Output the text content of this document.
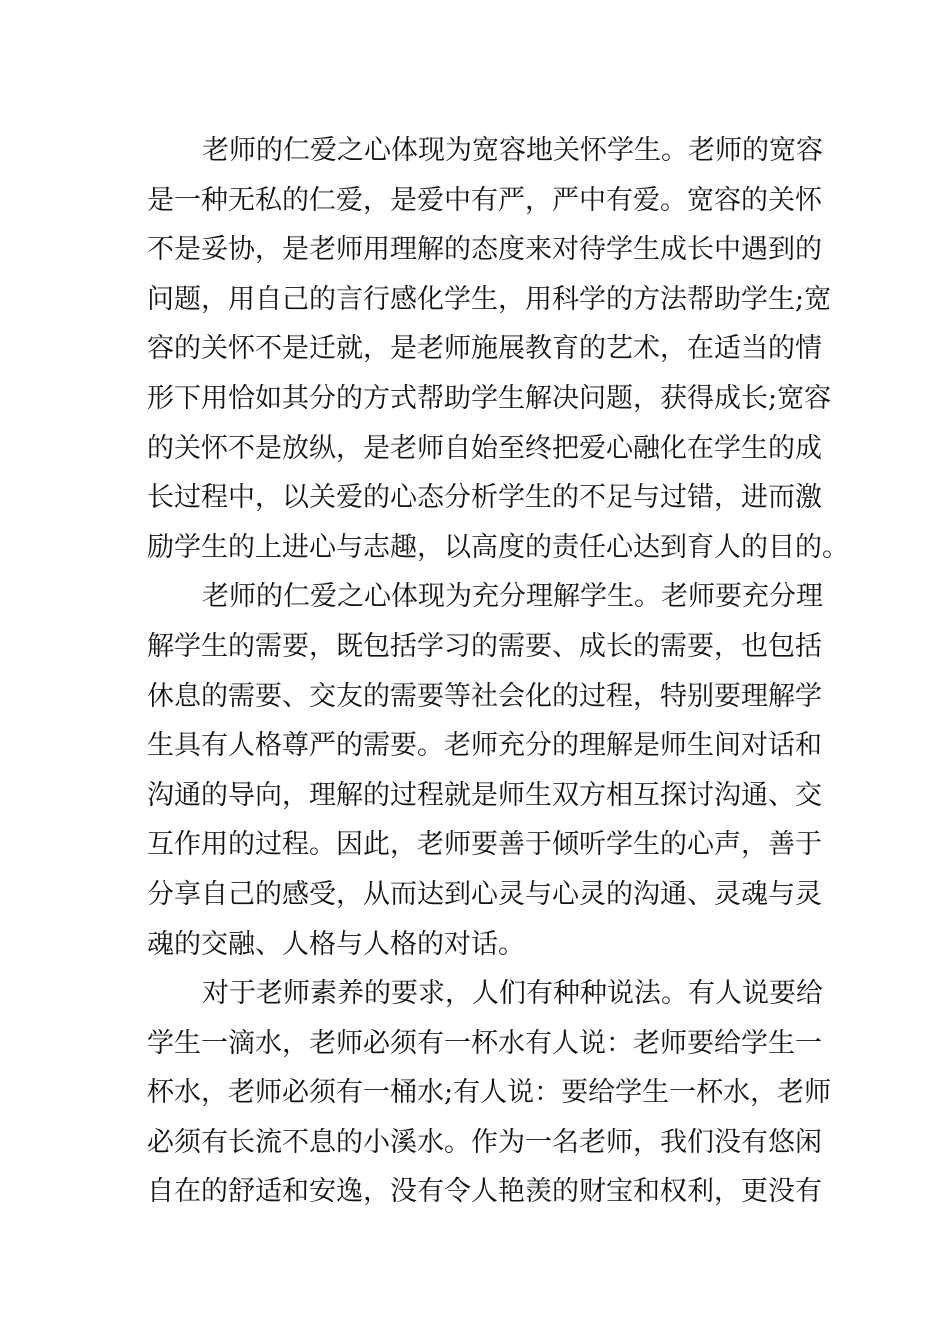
老师的仁爱之心体现为宽容地关怀学生。老师的宽容
是一种无私的仁爱，是爱中有严，严中有爱。宽容的关怀
不是妥协，是老师用理解的态度来对待学生成长中遇到的
问题，用自己的言行感化学生，用科学的方法帮助学生;宽
容的关怀不是迁就，是老师施展教育的艺术，在适当的情
形下用恰如其分的方式帮助学生解决问题，获得成长;宽容
的关怀不是放纵，是老师自始至终把爱心融化在学生的成
长过程中，以关爱的心态分析学生的不足与过错，进而激
励学生的上进心与志趣，以高度的责任心达到育人的目的。
老师的仁爱之心体现为充分理解学生。老师要充分理
解学生的需要，既包括学习的需要、成长的需要，也包括
休息的需要、交友的需要等社会化的过程，特别要理解学
生具有人格尊严的需要。老师充分的理解是师生间对话和
沟通的导向，理解的过程就是师生双方相互探讨沟通、交
互作用的过程。因此，老师要善于倾听学生的心声，善于
分享自己的感受，从而达到心灵与心灵的沟通、灵魂与灵
魂的交融、人格与人格的对话。
对于老师素养的要求，人们有种种说法。有人说要给
学生一滴水，老师必须有一杯水有人说：老师要给学生一
杯水，老师必须有一桶水;有人说：要给学生一杯水，老师
必须有长流不息的小溪水。作为一名老师，我们没有悠闲
自在的舒适和安逸，没有令人艳羡的财宝和权利，更没有
